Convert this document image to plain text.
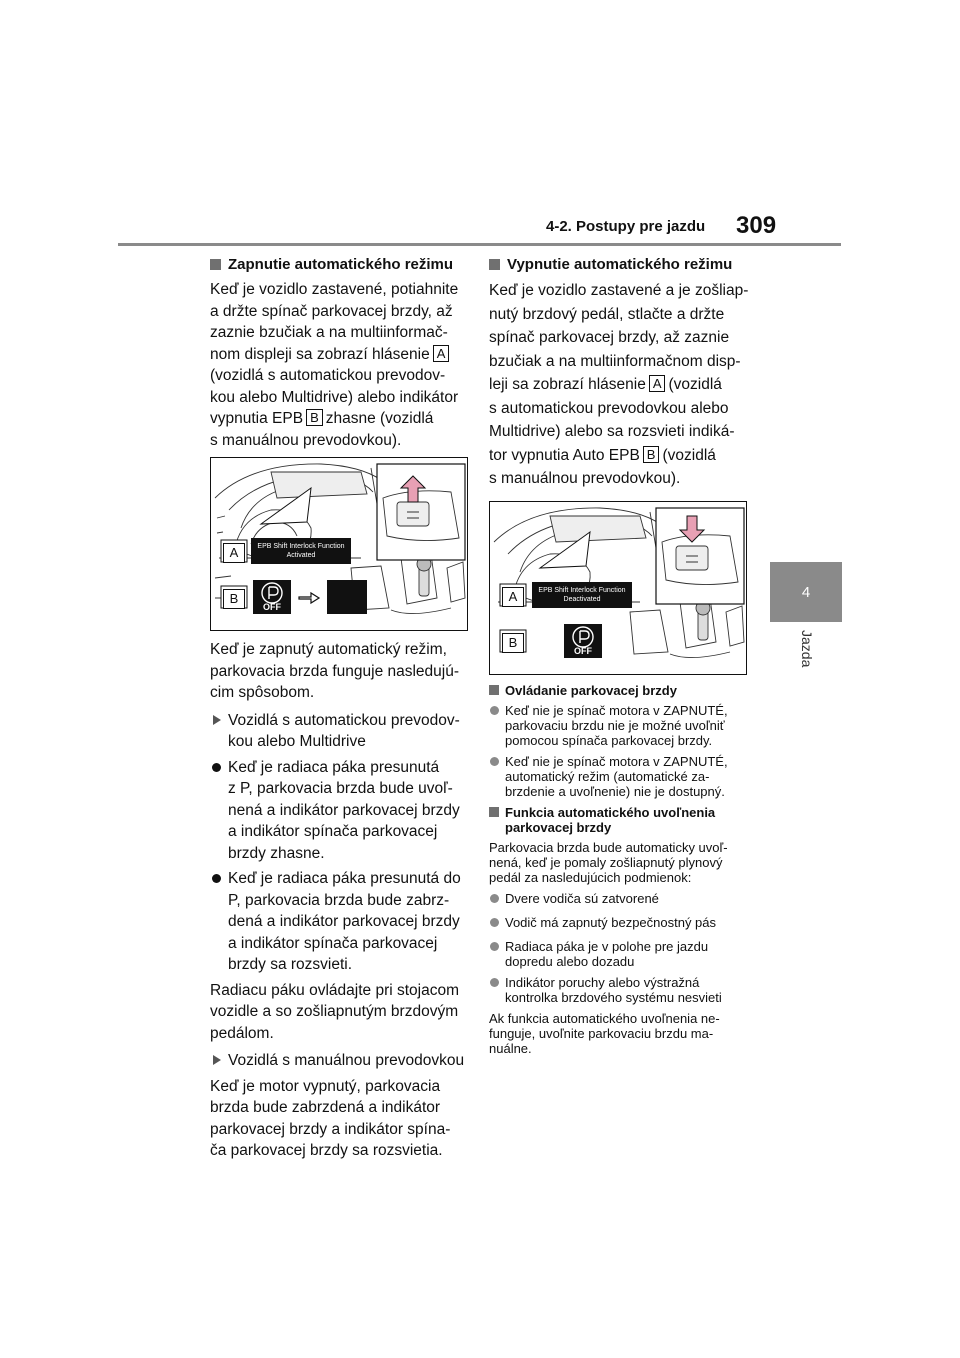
4-2. Postupy pre jazdu 309
4
Jazda
Zapnutie automatického režimu
Keď je vozidlo zastavené, potiahnite
a držte spínač parkovacej brzdy, až
zaznie bzučiak a na multiinformač-
nom displeji sa zobrazí hlásenie A
(vozidlá s automatickou prevodov-
kou alebo Multidrive) alebo indikátor
vypnutia EPB B zhasne (vozidlá
s manuálnou prevodovkou).
A
B
EPB Shift Interlock Function
Activated
OFF
Keď je zapnutý automatický režim,
parkovacia brzda funguje nasledujú-
cim spôsobom.
Vozidlá s automatickou prevodov-
kou alebo Multidrive
Keď je radiaca páka presunutá
z P, parkovacia brzda bude uvoľ-
nená a indikátor parkovacej brzdy
a indikátor spínača parkovacej
brzdy zhasne.
Keď je radiaca páka presunutá do
P, parkovacia brzda bude zabrz-
dená a indikátor parkovacej brzdy
a indikátor spínača parkovacej
brzdy sa rozsvieti.
Radiacu páku ovládajte pri stojacom
vozidle a so zošliapnutým brzdovým
pedálom.
Vozidlá s manuálnou prevodovkou
Keď je motor vypnutý, parkovacia
brzda bude zabrzdená a indikátor
parkovacej brzdy a indikátor spína-
ča parkovacej brzdy sa rozsvietia.
Vypnutie automatického režimu
Keď je vozidlo zastavené a je zošliap-
nutý brzdový pedál, stlačte a držte
spínač parkovacej brzdy, až zaznie
bzučiak a na multiinformačnom disp-
leji sa zobrazí hlásenie A (vozidlá
s automatickou prevodovkou alebo
Multidrive) alebo sa rozsvieti indiká-
tor vypnutia Auto EPB B (vozidlá
s manuálnou prevodovkou).
A
B
EPB Shift Interlock Function
Deactivated
OFF
Ovládanie parkovacej brzdy
Keď nie je spínač motora v ZAPNUTÉ,
parkovaciu brzdu nie je možné uvoľniť
pomocou spínača parkovacej brzdy.
Keď nie je spínač motora v ZAPNUTÉ,
automatický režim (automatické za-
brzdenie a uvoľnenie) nie je dostupný.
Funkcia automatického uvoľnenia
parkovacej brzdy
Parkovacia brzda bude automaticky uvoľ-
nená, keď je pomaly zošliapnutý plynový
pedál za nasledujúcich podmienok:
Dvere vodiča sú zatvorené
Vodič má zapnutý bezpečnostný pás
Radiaca páka je v polohe pre jazdu
dopredu alebo dozadu
Indikátor poruchy alebo výstražná
kontrolka brzdového systému nesvieti
Ak funkcia automatického uvoľnenia ne-
funguje, uvoľnite parkovaciu brzdu ma-
nuálne.
